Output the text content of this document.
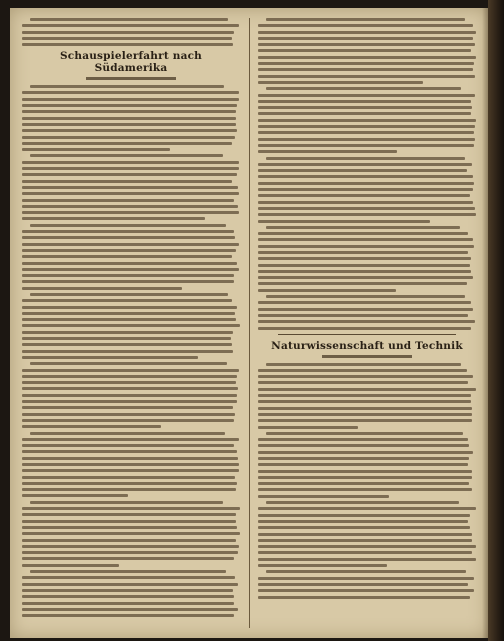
Schauspielerfahrt nach Südamerika
Naturwissenschaft und Technik
